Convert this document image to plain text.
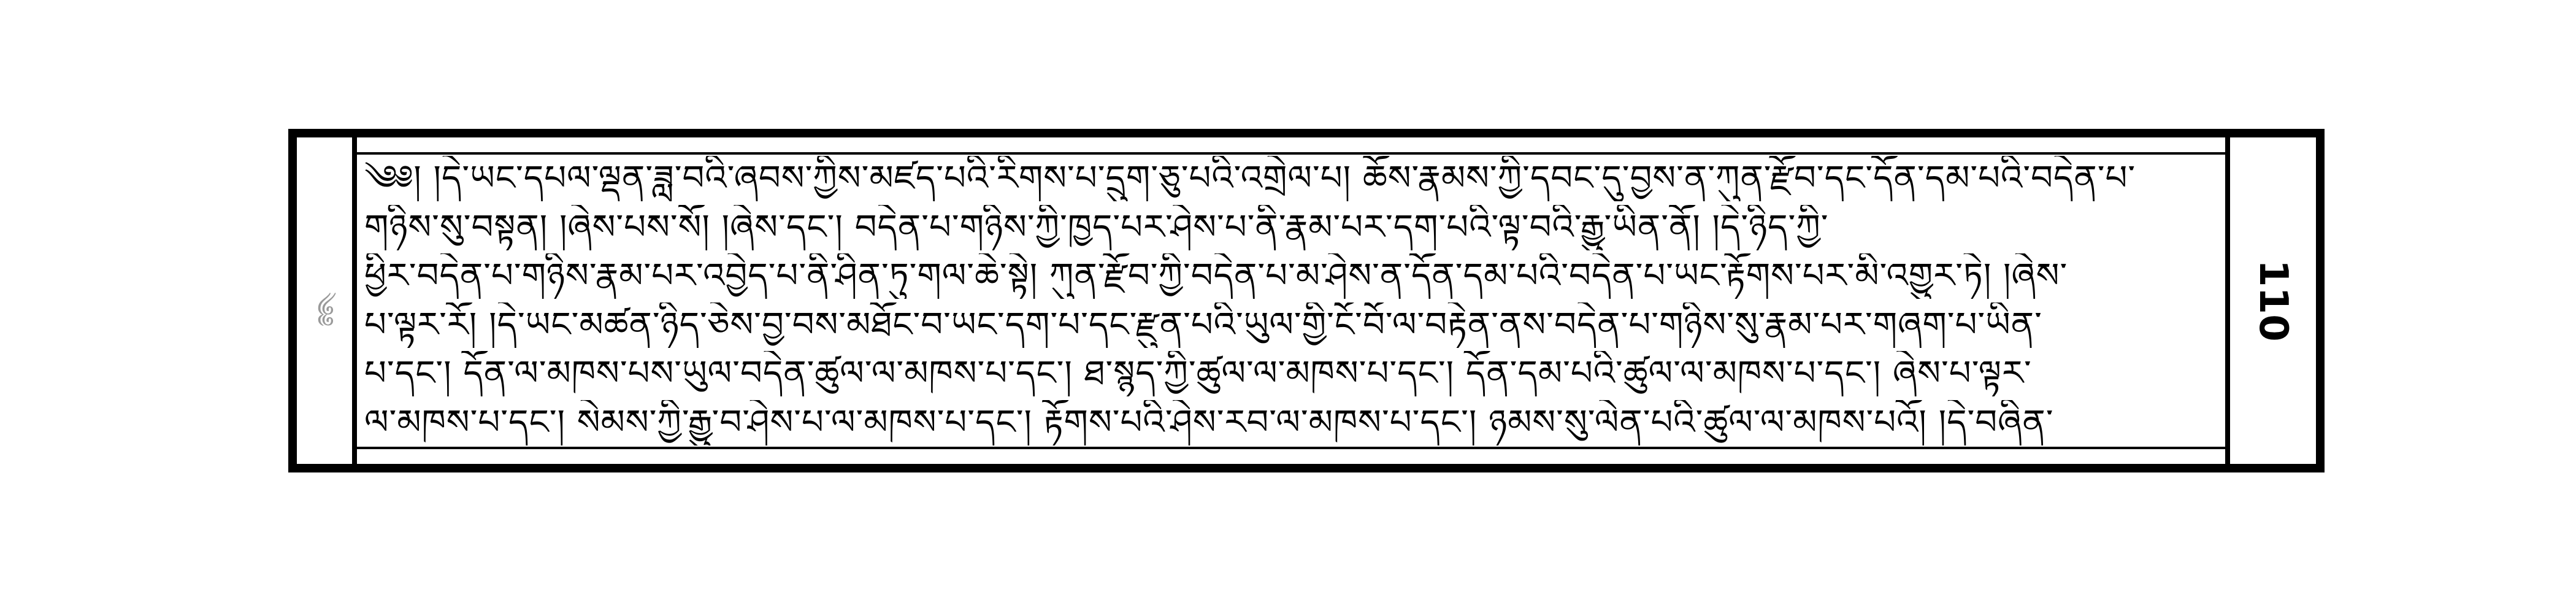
༄༅
༄༅། །དེ་ཡང་དཔལ་ལྡན་ཟླ་བའི་ཞབས་ཀྱིས་མཛད་པའི་རིགས་པ་དྲུག་ཅུ་པའི་འགྲེལ་པ། ཆོས་རྣམས་ཀྱི་དབང་དུ་བྱས་ན་ཀུན་རྫོབ་དང་དོན་དམ་པའི་བདེན་པ་
གཉིས་སུ་བསྟན། །ཞེས་པས་སོ། །ཞེས་དང་། བདེན་པ་གཉིས་ཀྱི་ཁྱད་པར་ཤེས་པ་ནི་རྣམ་པར་དག་པའི་ལྟ་བའི་རྒྱུ་ཡིན་ནོ། །དེ་ཉིད་ཀྱི་
ཕྱིར་བདེན་པ་གཉིས་རྣམ་པར་འབྱེད་པ་ནི་ཤིན་ཏུ་གལ་ཆེ་སྟེ། ཀུན་རྫོབ་ཀྱི་བདེན་པ་མ་ཤེས་ན་དོན་དམ་པའི་བདེན་པ་ཡང་རྟོགས་པར་མི་འགྱུར་ཏེ། །ཞེས་
པ་ལྟར་རོ། །དེ་ཡང་མཚན་ཉིད་ཅེས་བྱ་བས་མཐོང་བ་ཡང་དག་པ་དང་རྫུན་པའི་ཡུལ་གྱི་ངོ་བོ་ལ་བརྟེན་ནས་བདེན་པ་གཉིས་སུ་རྣམ་པར་གཞག་པ་ཡིན་
པ་དང་། དོན་ལ་མཁས་པས་ཡུལ་བདེན་ཚུལ་ལ་མཁས་པ་དང་། ཐ་སྙད་ཀྱི་ཚུལ་ལ་མཁས་པ་དང་། དོན་དམ་པའི་ཚུལ་ལ་མཁས་པ་དང་། ཞེས་པ་ལྟར་
ལ་མཁས་པ་དང་། སེམས་ཀྱི་རྒྱུ་བ་ཤེས་པ་ལ་མཁས་པ་དང་། རྟོགས་པའི་ཤེས་རབ་ལ་མཁས་པ་དང་། ཉམས་སུ་ལེན་པའི་ཚུལ་ལ་མཁས་པའོ། །དེ་བཞིན་
110
